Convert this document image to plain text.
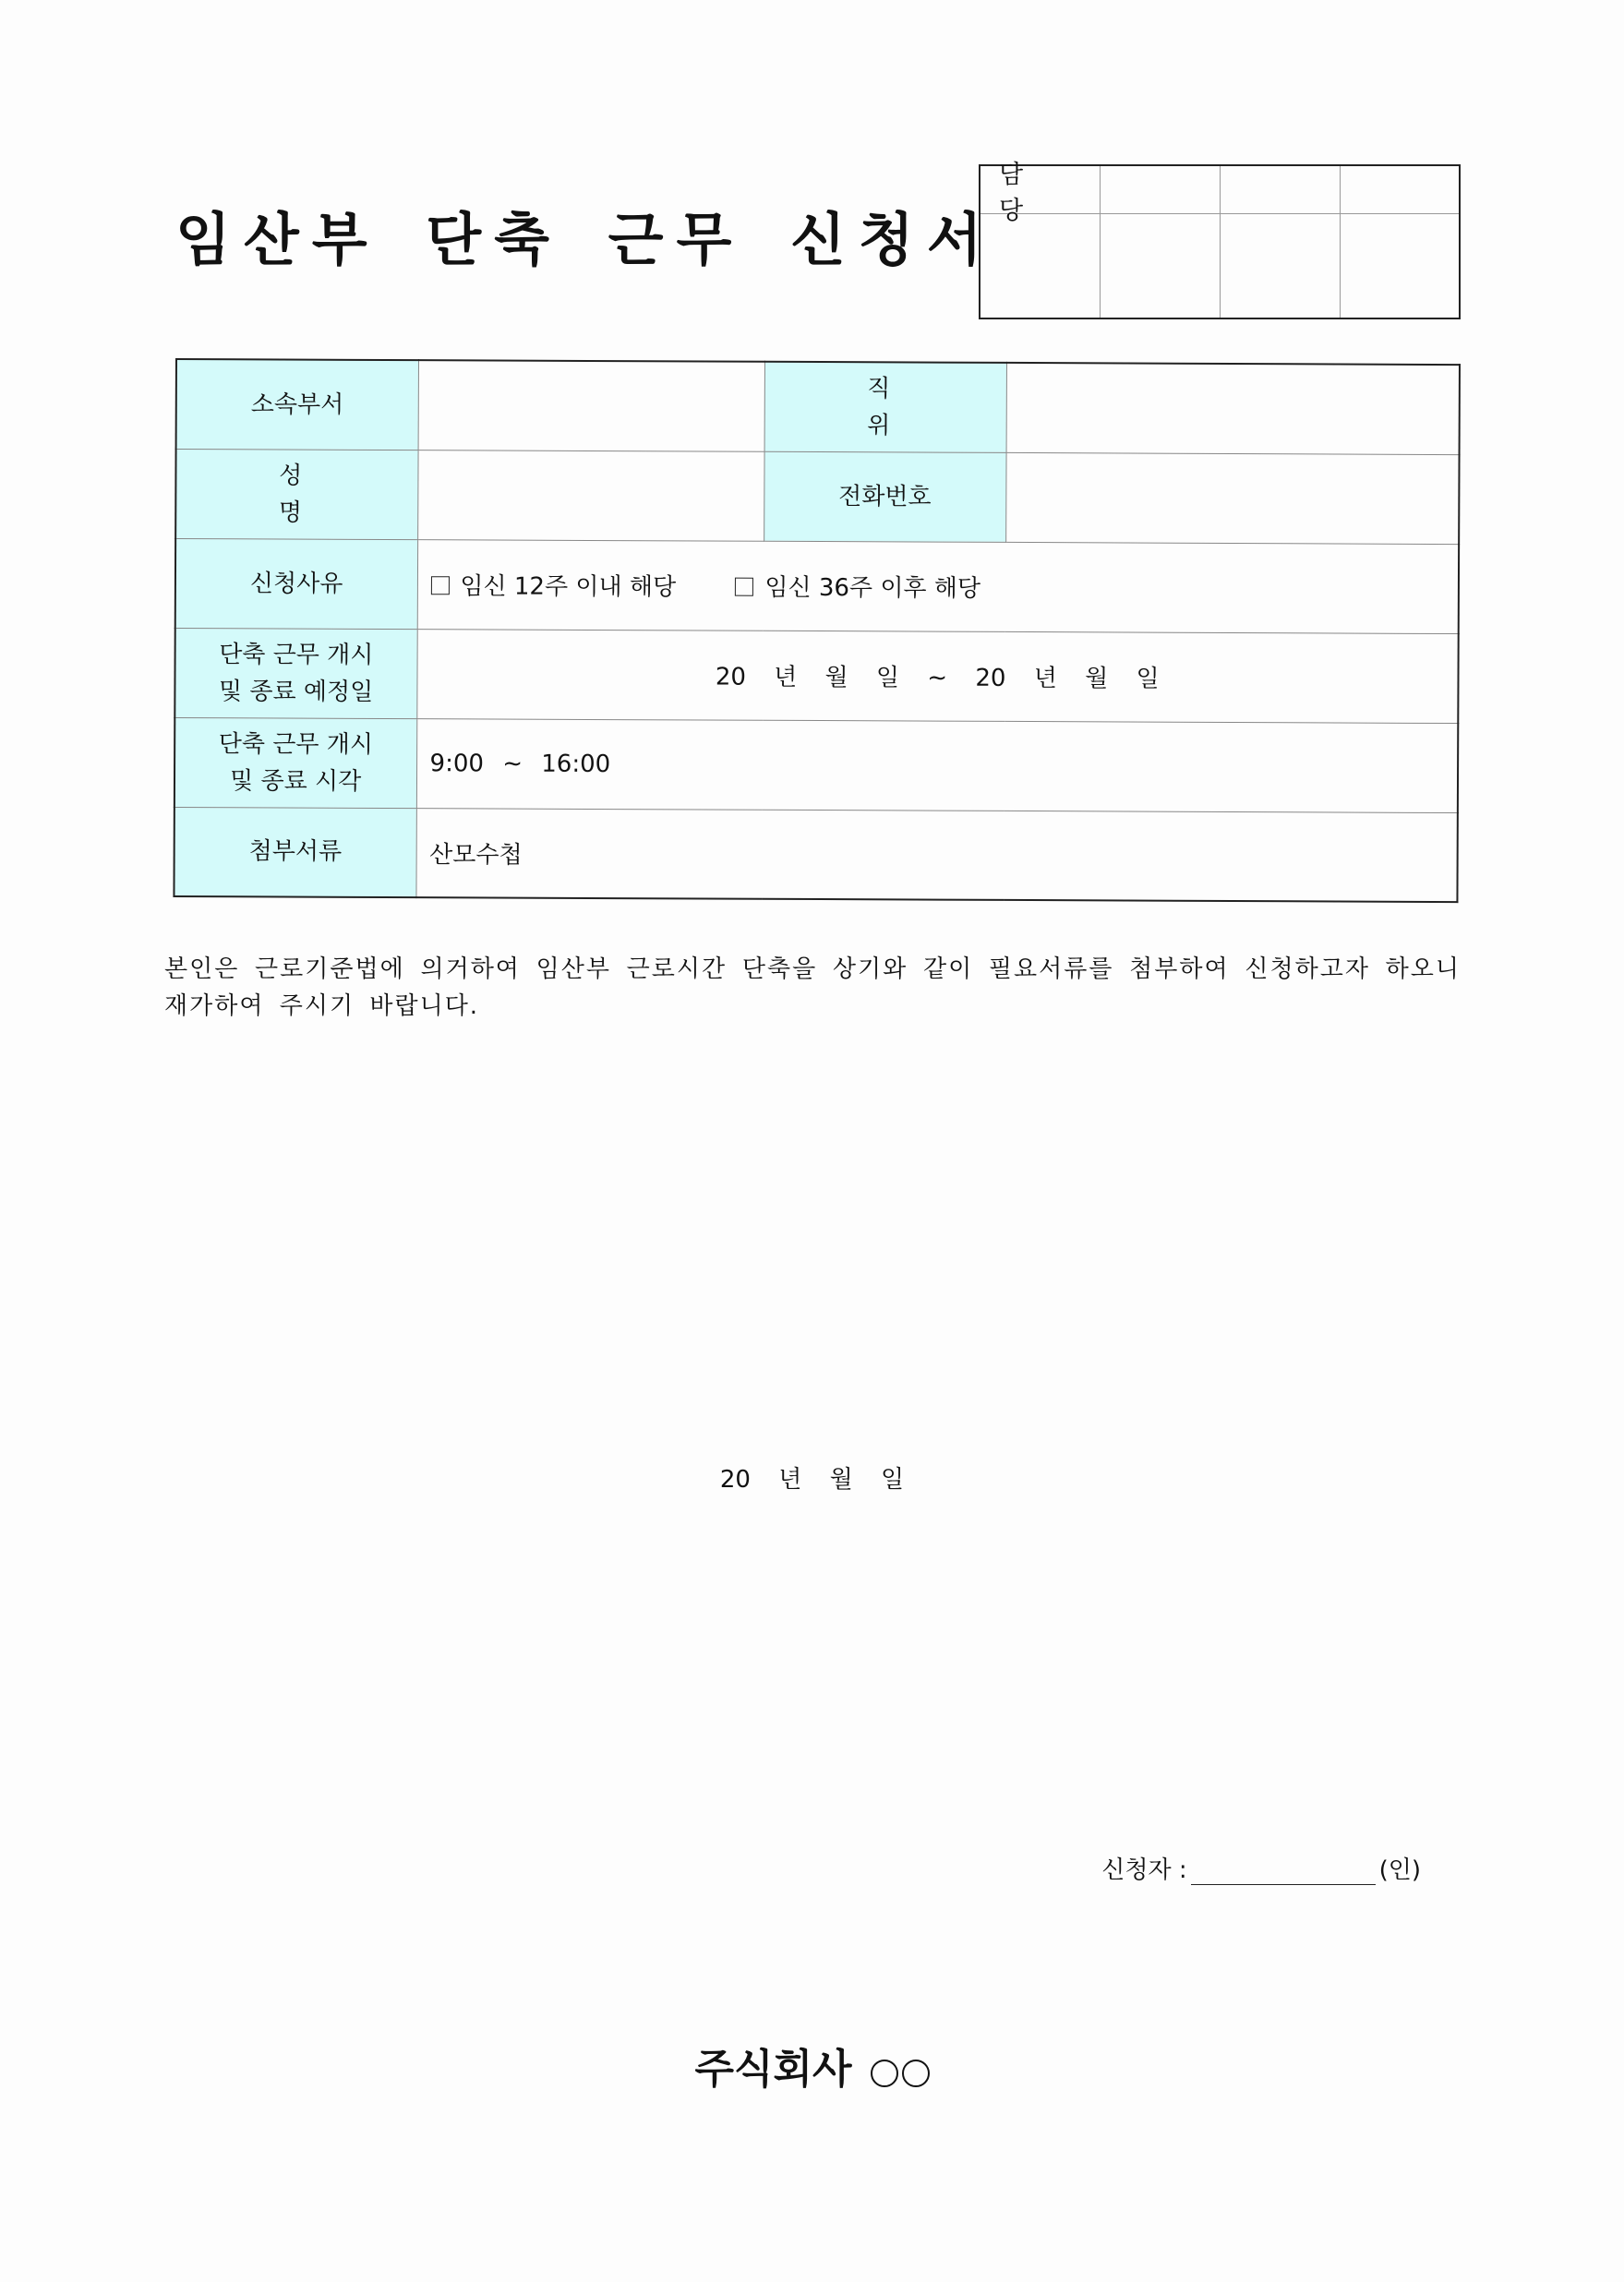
임산부 단축 근무 신청서
담 당
소속부서		직 위	
성 명		전화번호	
신청사유	임신 12주 이내 해당 임신 36주 이후 해당		

단축 근무 개시
및 종료 예정일	20 년 월 일 ~ 20 년 월 일		

단축 근무 개시
및 종료 시각	9:00 ~ 16:00		
첨부서류	산모수첩		

본인은 근로기준법에 의거하여 임산부 근로시간 단축을 상기와 같이 필요서류를 첨부하여 신청하고자 하오니 재가하여 주시기 바랍니다.

20 년 월 일
신청자 :	(인)
주식회사
